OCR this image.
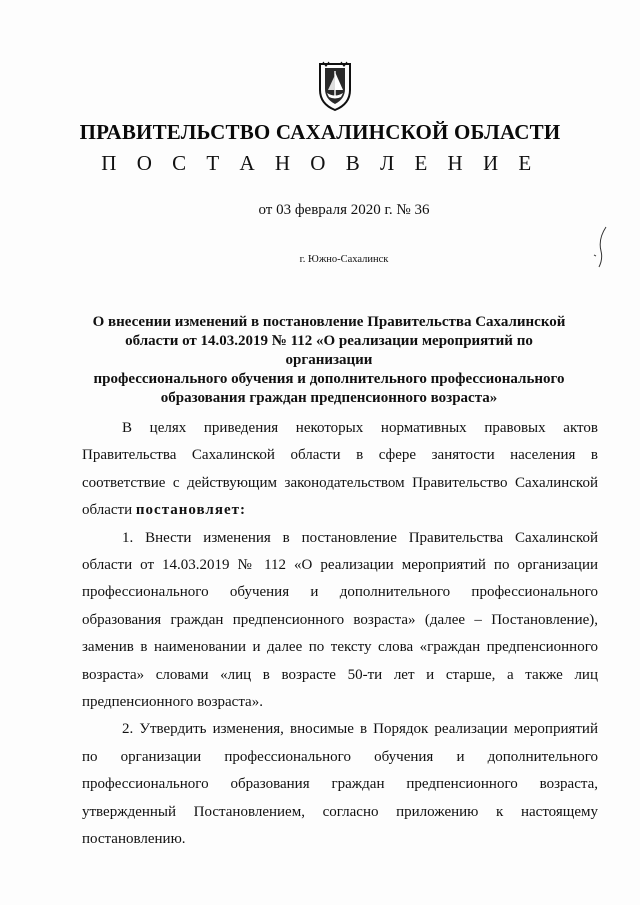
ПРАВИТЕЛЬСТВО САХАЛИНСКОЙ ОБЛАСТИ
П О С Т А Н О В Л Е Н И Е
от 03 февраля 2020 г. № 36
г. Южно-Сахалинск
О внесении изменений в постановление Правительства Сахалинской
области от 14.03.2019 № 112 «О реализации мероприятий по организации
профессионального обучения и дополнительного профессионального
образования граждан предпенсионного возраста»

В целях приведения некоторых нормативных правовых актов Правительства Сахалинской области в сфере занятости населения в соответствие с действующим законодательством Правительство Сахалинской области постановляет:

1. Внести изменения в постановление Правительства Сахалинской области от 14.03.2019 № 112 «О реализации мероприятий по организации профессионального обучения и дополнительного профессионального образования граждан предпенсионного возраста» (далее – Постановление), заменив в наименовании и далее по тексту слова «граждан предпенсионного возраста» словами «лиц в возрасте 50-ти лет и старше, а также лиц предпенсионного возраста».

2. Утвердить изменения, вносимые в Порядок реализации мероприятий по организации профессионального обучения и дополнительного профессионального образования граждан предпенсионного возраста, утвержденный Постановлением, согласно приложению к настоящему постановлению.
